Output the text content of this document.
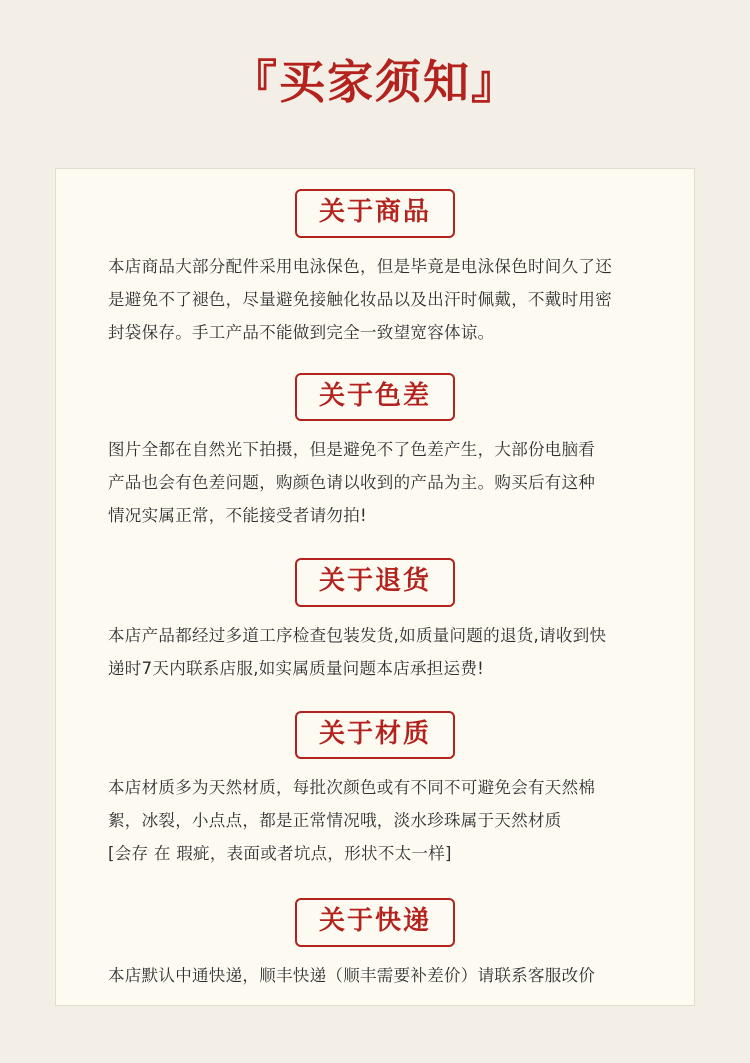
『买家须知』
关于商品

本店商品大部分配件采用电泳保色，但是毕竟是电泳保色时间久了还

是避免不了褪色，尽量避免接触化妆品以及出汗时佩戴，不戴时用密

封袋保存。手工产品不能做到完全一致望宽容体谅。

关于色差

图片全都在自然光下拍摄，但是避免不了色差产生，大部份电脑看

产品也会有色差问题，购颜色请以收到的产品为主。购买后有这种

情况实属正常，不能接受者请勿拍!

关于退货

本店产品都经过多道工序检查包装发货,如质量问题的退货,请收到快

递时7天内联系店服,如实属质量问题本店承担运费!

关于材质

本店材质多为天然材质，每批次颜色或有不同不可避免会有天然棉

絮，冰裂，小点点，都是正常情况哦，淡水珍珠属于天然材质

[会存 在 瑕疵，表面或者坑点，形状不太一样]

关于快递

本店默认中通快递，顺丰快递（顺丰需要补差价）请联系客服改价
